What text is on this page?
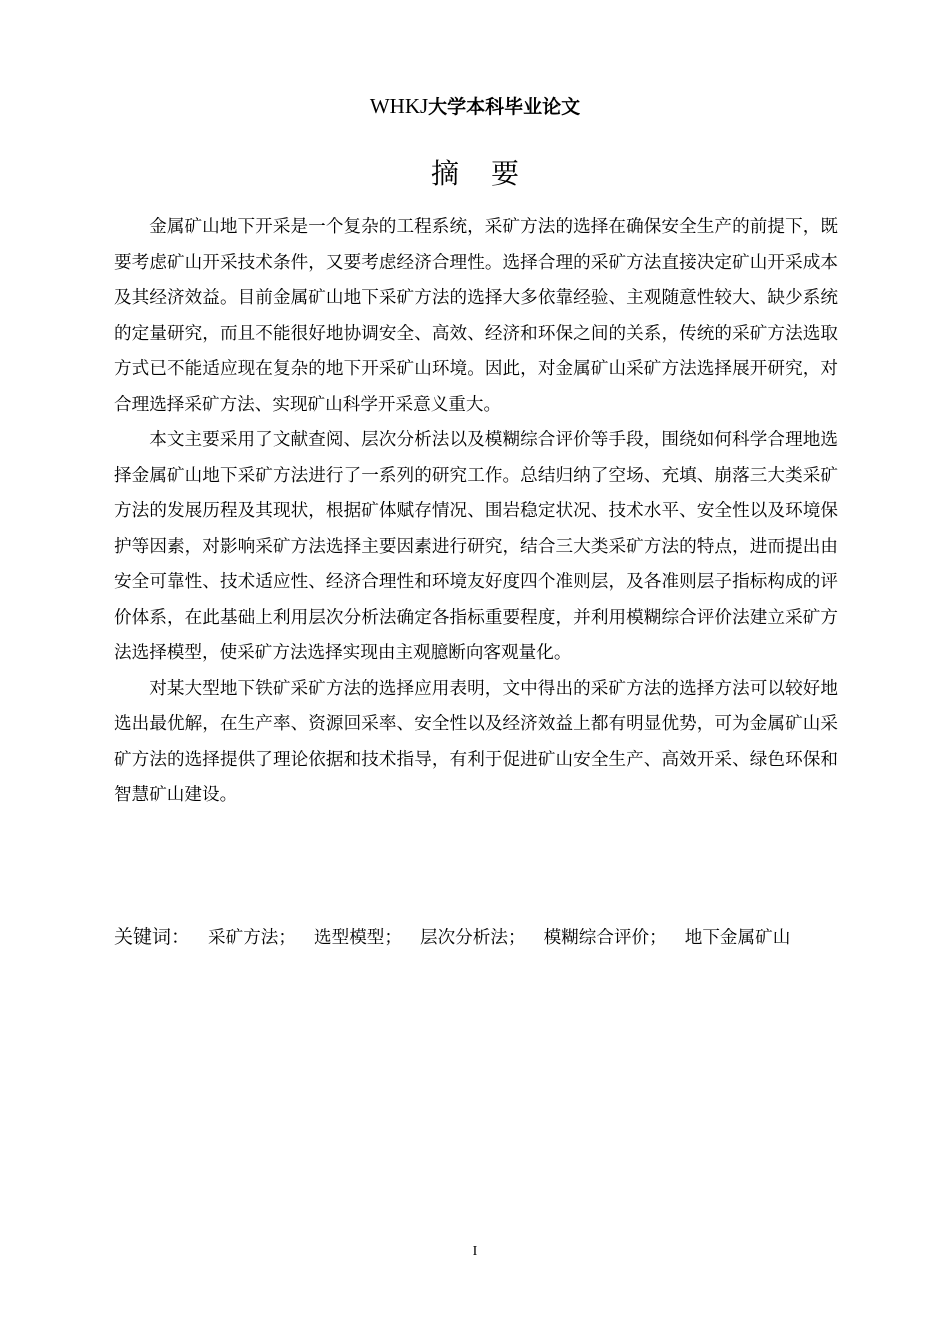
WHKJ大学本科毕业论文
摘要

金属矿山地下开采是一个复杂的工程系统，采矿方法的选择在确保安全生产的前提下，既要考虑矿山开采技术条件，又要考虑经济合理性。选择合理的采矿方法直接决定矿山开采成本及其经济效益。目前金属矿山地下采矿方法的选择大多依靠经验、主观随意性较大、缺少系统的定量研究，而且不能很好地协调安全、高效、经济和环保之间的关系，传统的采矿方法选取方式已不能适应现在复杂的地下开采矿山环境。因此，对金属矿山采矿方法选择展开研究，对合理选择采矿方法、实现矿山科学开采意义重大。

本文主要采用了文献查阅、层次分析法以及模糊综合评价等手段，围绕如何科学合理地选择金属矿山地下采矿方法进行了一系列的研究工作。总结归纳了空场、充填、崩落三大类采矿方法的发展历程及其现状，根据矿体赋存情况、围岩稳定状况、技术水平、安全性以及环境保护等因素，对影响采矿方法选择主要因素进行研究，结合三大类采矿方法的特点，进而提出由安全可靠性、技术适应性、经济合理性和环境友好度四个准则层，及各准则层子指标构成的评价体系，在此基础上利用层次分析法确定各指标重要程度，并利用模糊综合评价法建立采矿方法选择模型，使采矿方法选择实现由主观臆断向客观量化。

对某大型地下铁矿采矿方法的选择应用表明，文中得出的采矿方法的选择方法可以较好地选出最优解，在生产率、资源回采率、安全性以及经济效益上都有明显优势，可为金属矿山采矿方法的选择提供了理论依据和技术指导，有利于促进矿山安全生产、高效开采、绿色环保和智慧矿山建设。

关键词： 采矿方法； 选型模型； 层次分析法； 模糊综合评价； 地下金属矿山
I
